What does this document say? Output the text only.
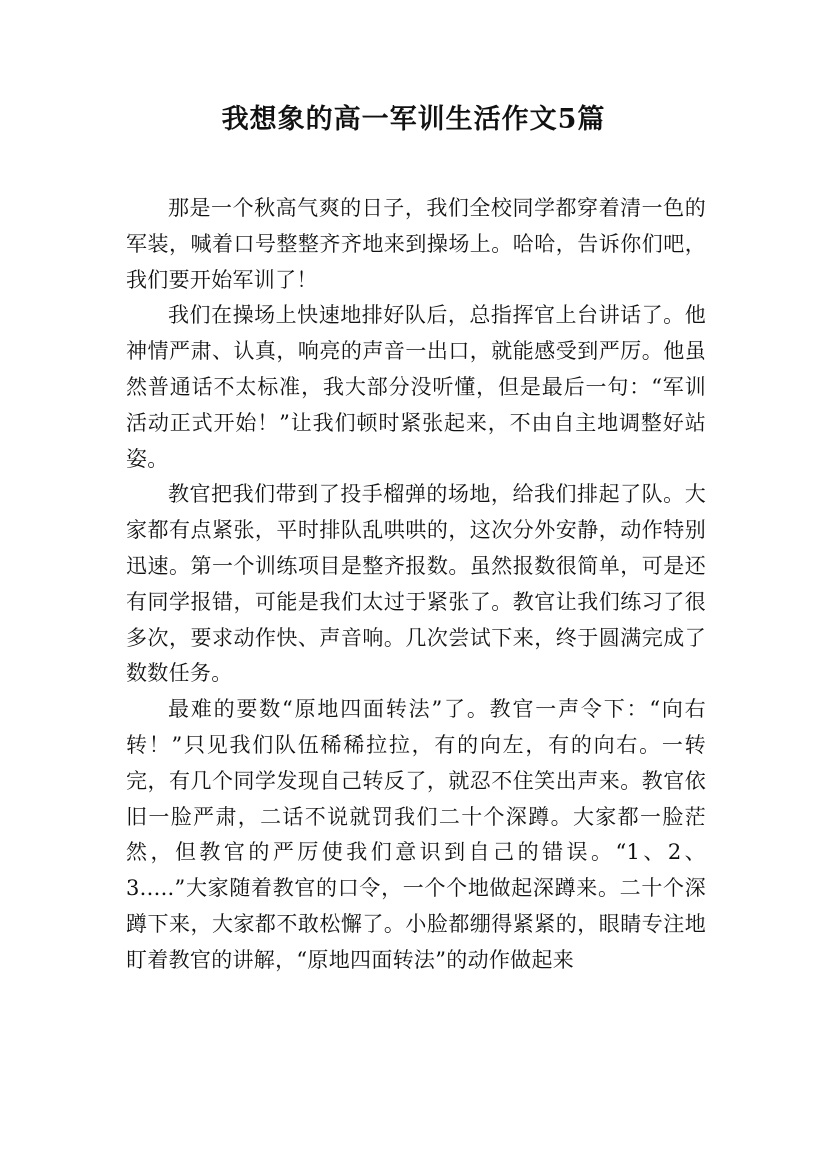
我想象的高一军训生活作文5篇

那是一个秋高气爽的日子，我们全校同学都穿着清一色的军装，喊着口号整整齐齐地来到操场上。哈哈，告诉你们吧，我们要开始军训了！

我们在操场上快速地排好队后，总指挥官上台讲话了。他神情严肃、认真，响亮的声音一出口，就能感受到严厉。他虽然普通话不太标准，我大部分没听懂，但是最后一句：“军训活动正式开始！”让我们顿时紧张起来，不由自主地调整好站姿。

教官把我们带到了投手榴弹的场地，给我们排起了队。大家都有点紧张，平时排队乱哄哄的，这次分外安静，动作特别迅速。第一个训练项目是整齐报数。虽然报数很简单，可是还有同学报错，可能是我们太过于紧张了。教官让我们练习了很多次，要求动作快、声音响。几次尝试下来，终于圆满完成了数数任务。

最难的要数“原地四面转法”了。教官一声令下：“向右转！”只见我们队伍稀稀拉拉，有的向左，有的向右。一转完，有几个同学发现自己转反了，就忍不住笑出声来。教官依旧一脸严肃，二话不说就罚我们二十个深蹲。大家都一脸茫然，但教官的严厉使我们意识到自己的错误。“1、2、3.....”大家随着教官的口令，一个个地做起深蹲来。二十个深蹲下来，大家都不敢松懈了。小脸都绷得紧紧的，眼睛专注地盯着教官的讲解，“原地四面转法”的动作做起来
